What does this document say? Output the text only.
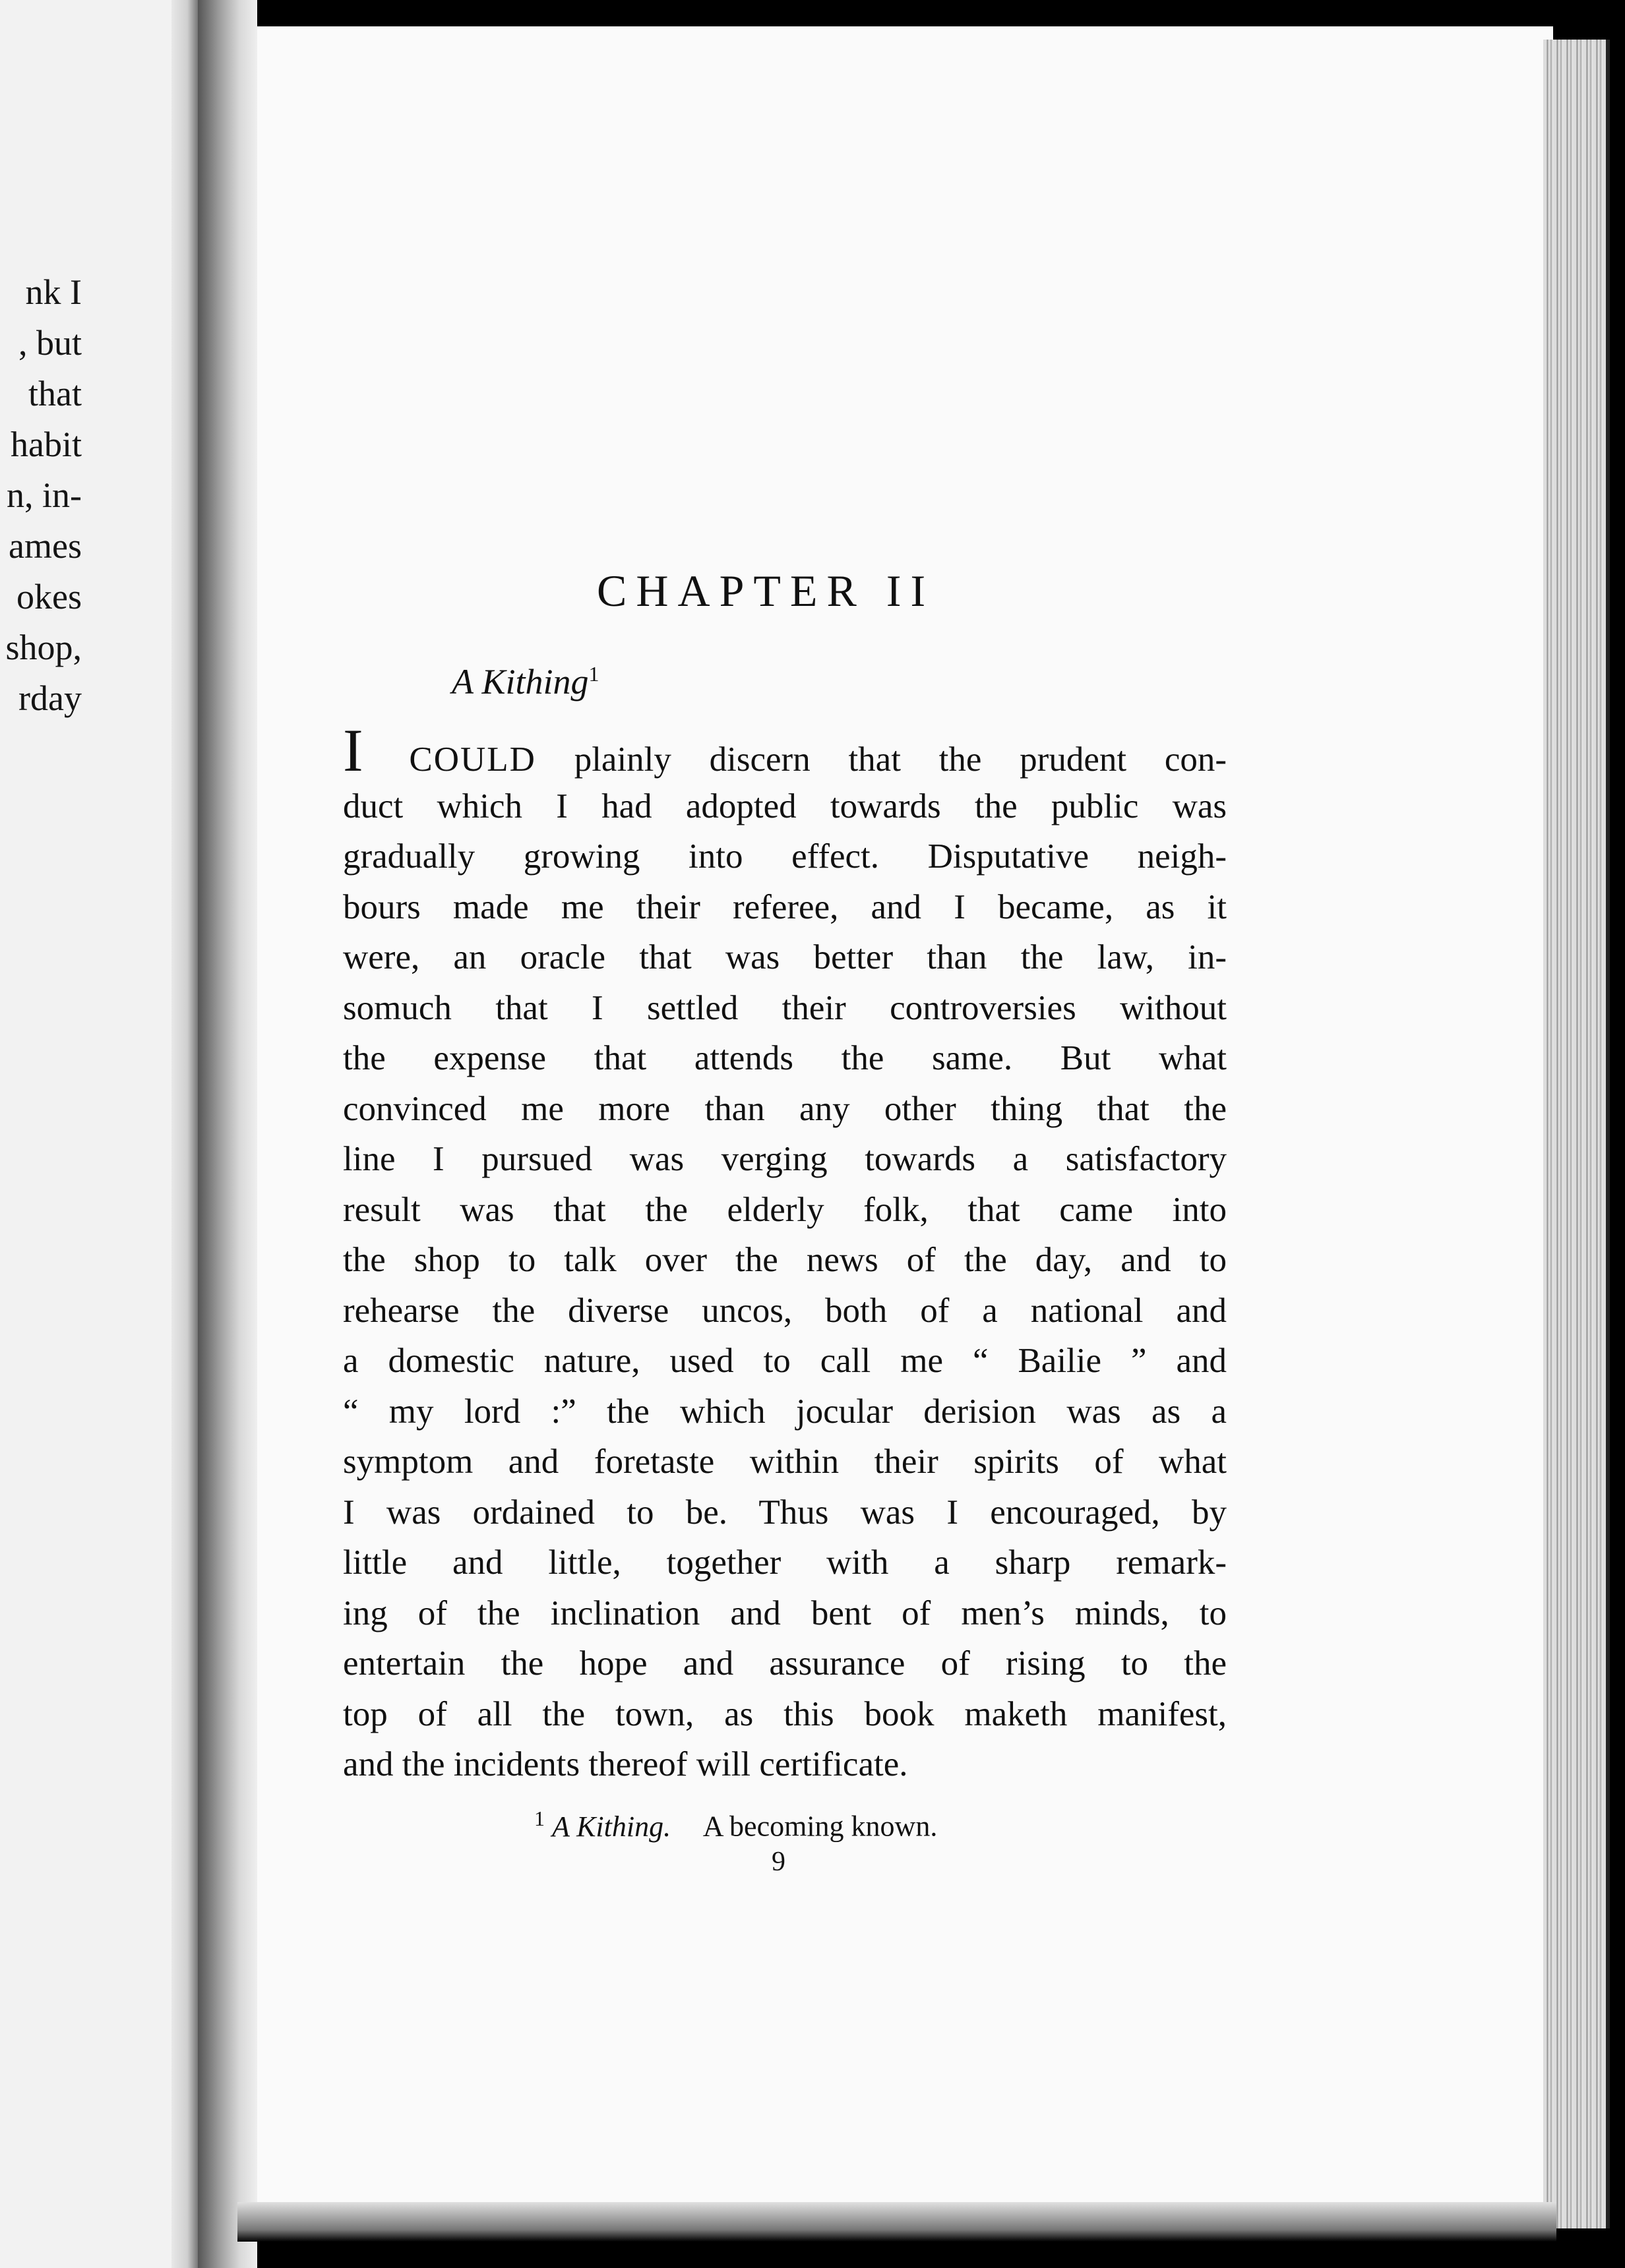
nk I
, but
that
habit
n, in-
ames
okes
shop,
rday
CHAPTER II
A Kithing$^1$
I COULD plainly discern that the prudent con-
duct which I had adopted towards the public was
gradually growing into effect. Disputative neigh-
bours made me their referee, and I became, as it
were, an oracle that was better than the law, in-
somuch that I settled their controversies without
the expense that attends the same. But what
convinced me more than any other thing that the
line I pursued was verging towards a satisfactory
result was that the elderly folk, that came into
the shop to talk over the news of the day, and to
rehearse the diverse uncos, both of a national and
a domestic nature, used to call me “ Bailie ” and
“ my lord :” the which jocular derision was as a
symptom and foretaste within their spirits of what
I was ordained to be. Thus was I encouraged, by
little and little, together with a sharp remark-
ing of the inclination and bent of men’s minds, to
entertain the hope and assurance of rising to the
top of all the town, as this book maketh manifest,
and the incidents thereof will certificate.
$^1$ A Kithing. A becoming known.
9
